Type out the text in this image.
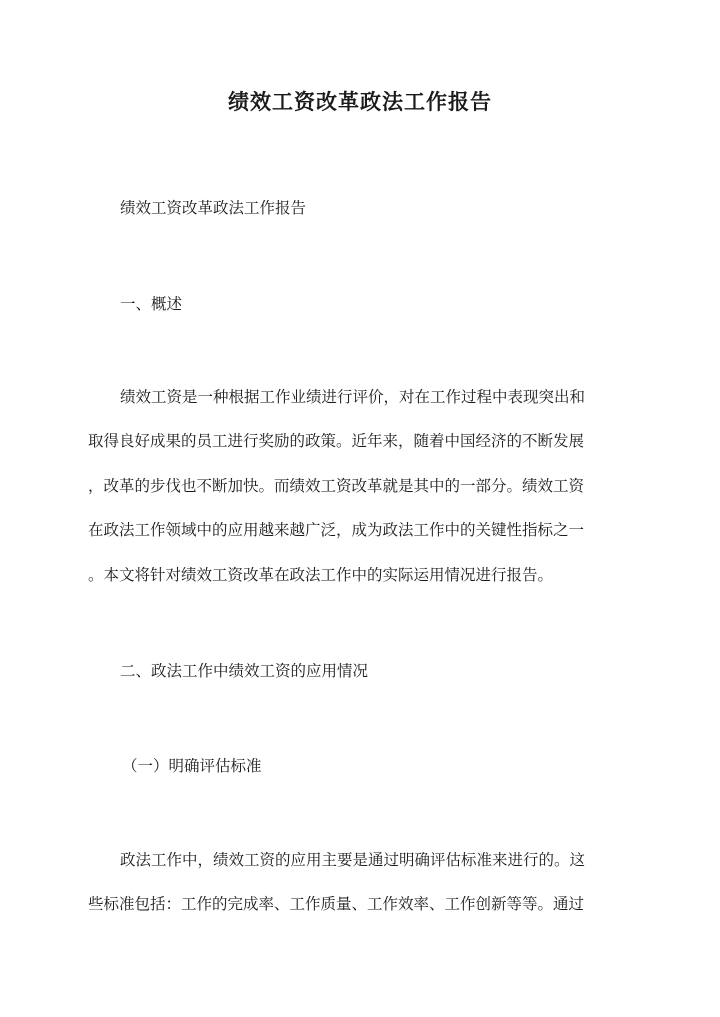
绩效工资改革政法工作报告
绩效工资改革政法工作报告
一、概述
绩效工资是一种根据工作业绩进行评价，对在工作过程中表现突出和
取得良好成果的员工进行奖励的政策。近年来，随着中国经济的不断发展
，改革的步伐也不断加快。而绩效工资改革就是其中的一部分。绩效工资
在政法工作领域中的应用越来越广泛，成为政法工作中的关键性指标之一
。本文将针对绩效工资改革在政法工作中的实际运用情况进行报告。
二、政法工作中绩效工资的应用情况
（一）明确评估标准
政法工作中，绩效工资的应用主要是通过明确评估标准来进行的。这
些标准包括：工作的完成率、工作质量、工作效率、工作创新等等。通过
